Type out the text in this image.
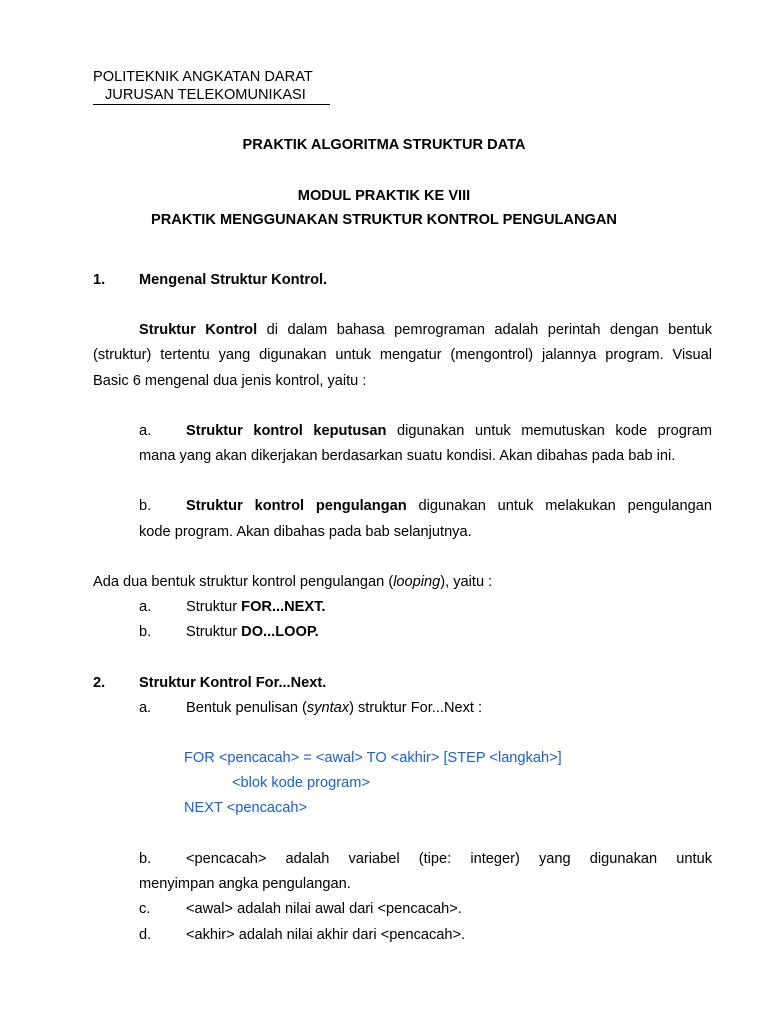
POLITEKNIK ANGKATAN DARAT
JURUSAN TELEKOMUNIKASI
PRAKTIK ALGORITMA STRUKTUR DATA
MODUL PRAKTIK KE VIII
PRAKTIK MENGGUNAKAN STRUKTUR KONTROL PENGULANGAN
1. Mengenal Struktur Kontrol.
Struktur Kontrol di dalam bahasa pemrograman adalah perintah dengan bentuk
(struktur) tertentu yang digunakan untuk mengatur (mengontrol) jalannya program. Visual
Basic 6 mengenal dua jenis kontrol, yaitu :
a. Struktur kontrol keputusan digunakan untuk memutuskan kode program
mana yang akan dikerjakan berdasarkan suatu kondisi. Akan dibahas pada bab ini.
b. Struktur kontrol pengulangan digunakan untuk melakukan pengulangan
kode program. Akan dibahas pada bab selanjutnya.
Ada dua bentuk struktur kontrol pengulangan (looping), yaitu :
a. Struktur FOR...NEXT.
b. Struktur DO...LOOP.
2. Struktur Kontrol For...Next.
a. Bentuk penulisan (syntax) struktur For...Next :
FOR <pencacah> = <awal> TO <akhir> [STEP <langkah>]
<blok kode program>
NEXT <pencacah>
b. <pencacah> adalah variabel (tipe: integer) yang digunakan untuk
menyimpan angka pengulangan.
c. <awal> adalah nilai awal dari <pencacah>.
d. <akhir> adalah nilai akhir dari <pencacah>.
